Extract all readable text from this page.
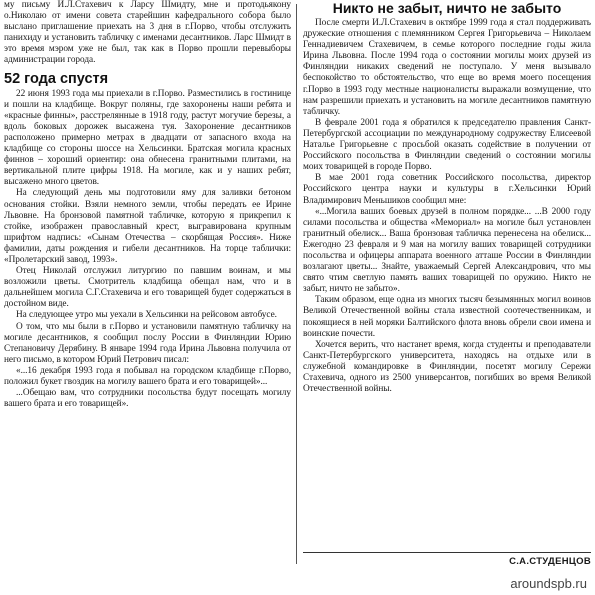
му письму И.Л.Стахевич к Ларсу Шмидту, мне и протодьякону о.Николаю от имени совета старейшин кафедрального собора было выслано приглашение приехать на 3 дня в г.Порво, чтобы отслужить панихиду и установить табличку с именами десантников. Ларс Шмидт в это время мэром уже не был, так как в Порво прошли перевыборы администрации города.

52 года спустя

22 июня 1993 года мы приехали в г.Порво. Разместились в гостинице и пошли на кладбище. Вокруг поляны, где захоронены наши ребята и «красные финны», расстрелянные в 1918 году, растут могучие березы, а вдоль боковых дорожек высажена туя. Захоронение десантников расположено примерно метрах в двадцати от запасного входа на кладбище со стороны шоссе на Хельсинки. Братская могила красных финнов – хороший ориентир: она обнесена гранитными плитами, на вертикальной плите цифры 1918. На могиле, как и у наших ребят, высажено много цветов.

На следующий день мы подготовили яму для заливки бетоном основания стойки. Взяли немного земли, чтобы передать ее Ирине Львовне. На бронзовой памятной табличке, которую я прикрепил к стойке, изображен православный крест, выгравирована крупным шрифтом надпись: «Сынам Отечества – скорбящая Россия». Ниже фамилии, даты рождения и гибели десантников. На торце таблички: «Пролетарский завод, 1993».

Отец Николай отслужил литургию по павшим воинам, и мы возложили цветы. Смотритель кладбища обещал нам, что и в дальнейшем могила С.Г.Стахевича и его товарищей будет содержаться в достойном виде.

На следующее утро мы уехали в Хельсинки на рейсовом автобусе.

О том, что мы были в г.Порво и установили памятную табличку на могиле десантников, я сообщил послу России в Финляндии Юрию Степановичу Дерябину. В январе 1994 года Ирина Львовна получила от него письмо, в котором Юрий Петрович писал:

«...16 декабря 1993 года я побывал на городском кладбище г.Порво, положил букет гвоздик на могилу вашего брата и его товарищей»...

...Обещаю вам, что сотрудники посольства будут посещать могилу вашего брата и его товарищей».

Никто не забыт, ничто не забыто

После смерти И.Л.Стахевич в октябре 1999 года я стал поддерживать дружеские отношения с племянником Сергея Григорьевича – Николаем Геннадиевичем Стахевичем, в семье которого последние годы жила Ирина Львовна. После 1994 года о состоянии могилы моих друзей из Финляндии никаких сведений не поступало. У меня вызывало беспокойство то обстоятельство, что еще во время моего посещения г.Порво в 1993 году местные националисты выражали возмущение, что нам разрешили приехать и установить на могиле десантников памятную табличку.

В феврале 2001 года я обратился к председателю правления Санкт-Петербургской ассоциации по международному содружеству Елисеевой Наталье Григорьевне с просьбой оказать содействие в получении от Российского посольства в Финляндии сведений о состоянии могилы моих товарищей в городе Порво.

В мае 2001 года советник Российского посольства, директор Российского центра науки и культуры в г.Хельсинки Юрий Владимирович Меньшиков сообщил мне:

«...Могила ваших боевых друзей в полном порядке... ...В 2000 году силами посольства и общества «Мемориал» на могиле был установлен гранитный обелиск... Ваша бронзовая табличка перенесена на обелиск... Ежегодно 23 февраля и 9 мая на могилу ваших товарищей сотрудники посольства и офицеры аппарата военного атташе России в Финляндии возлагают цветы... Знайте, уважаемый Сергей Александрович, что мы свято чтим светлую память ваших товарищей по оружию. Никто не забыт, ничто не забыто».

Таким образом, еще одна из многих тысяч безымянных могил воинов Великой Отечественной войны стала известной соотечественникам, и покоящиеся в ней моряки Балтийского флота вновь обрели свои имена и воинские почести.

Хочется верить, что настанет время, когда студенты и преподаватели Санкт-Петербургского университета, находясь на отдыхе или в служебной командировке в Финляндии, посетят могилу Сережи Стахевича, одного из 2500 универсантов, погибших во время Великой Отечественной войны.

С.А.СТУДЕНЦОВ
aroundspb.ru
